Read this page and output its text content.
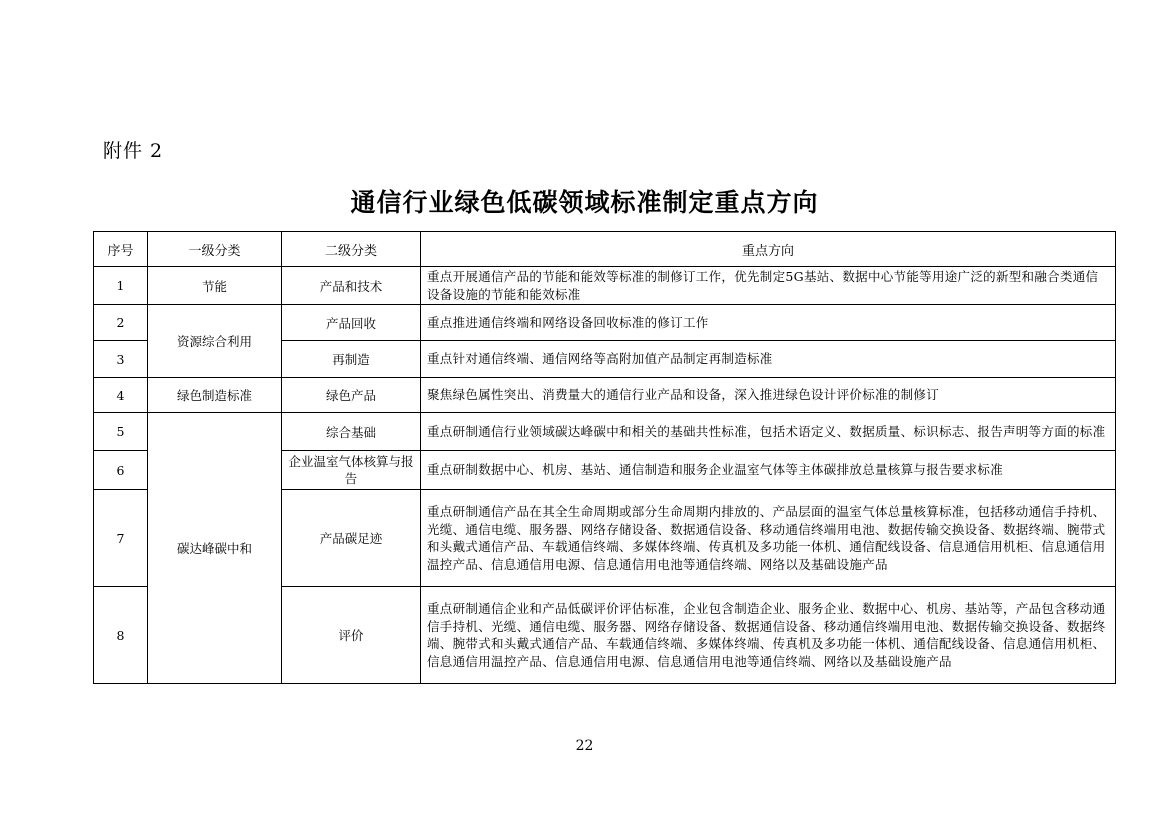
附件 2
通信行业绿色低碳领域标准制定重点方向
序号	一级分类	二级分类	重点方向
1	节能	产品和技术	重点开展通信产品的节能和能效等标准的制修订工作，优先制定5G基站、数据中心节能等用途广泛的新型和融合类通信设备设施的节能和能效标准
2	资源综合利用	产品回收	重点推进通信终端和网络设备回收标准的修订工作
3		再制造	重点针对通信终端、通信网络等高附加值产品制定再制造标准
4	绿色制造标准	绿色产品	聚焦绿色属性突出、消费量大的通信行业产品和设备，深入推进绿色设计评价标准的制修订
5	碳达峰碳中和	综合基础	重点研制通信行业领域碳达峰碳中和相关的基础共性标准，包括术语定义、数据质量、标识标志、报告声明等方面的标准
6		企业温室气体核算与报告	重点研制数据中心、机房、基站、通信制造和服务企业温室气体等主体碳排放总量核算与报告要求标准
7		产品碳足迹	重点研制通信产品在其全生命周期或部分生命周期内排放的、产品层面的温室气体总量核算标准，包括移动通信手持机、光缆、通信电缆、服务器、网络存储设备、数据通信设备、移动通信终端用电池、数据传输交换设备、数据终端、腕带式和头戴式通信产品、车载通信终端、多媒体终端、传真机及多功能一体机、通信配线设备、信息通信用机柜、信息通信用温控产品、信息通信用电源、信息通信用电池等通信终端、网络以及基础设施产品
8		评价	重点研制通信企业和产品低碳评价评估标准，企业包含制造企业、服务企业、数据中心、机房、基站等，产品包含移动通信手持机、光缆、通信电缆、服务器、网络存储设备、数据通信设备、移动通信终端用电池、数据传输交换设备、数据终端、腕带式和头戴式通信产品、车载通信终端、多媒体终端、传真机及多功能一体机、通信配线设备、信息通信用机柜、信息通信用温控产品、信息通信用电源、信息通信用电池等通信终端、网络以及基础设施产品
22
